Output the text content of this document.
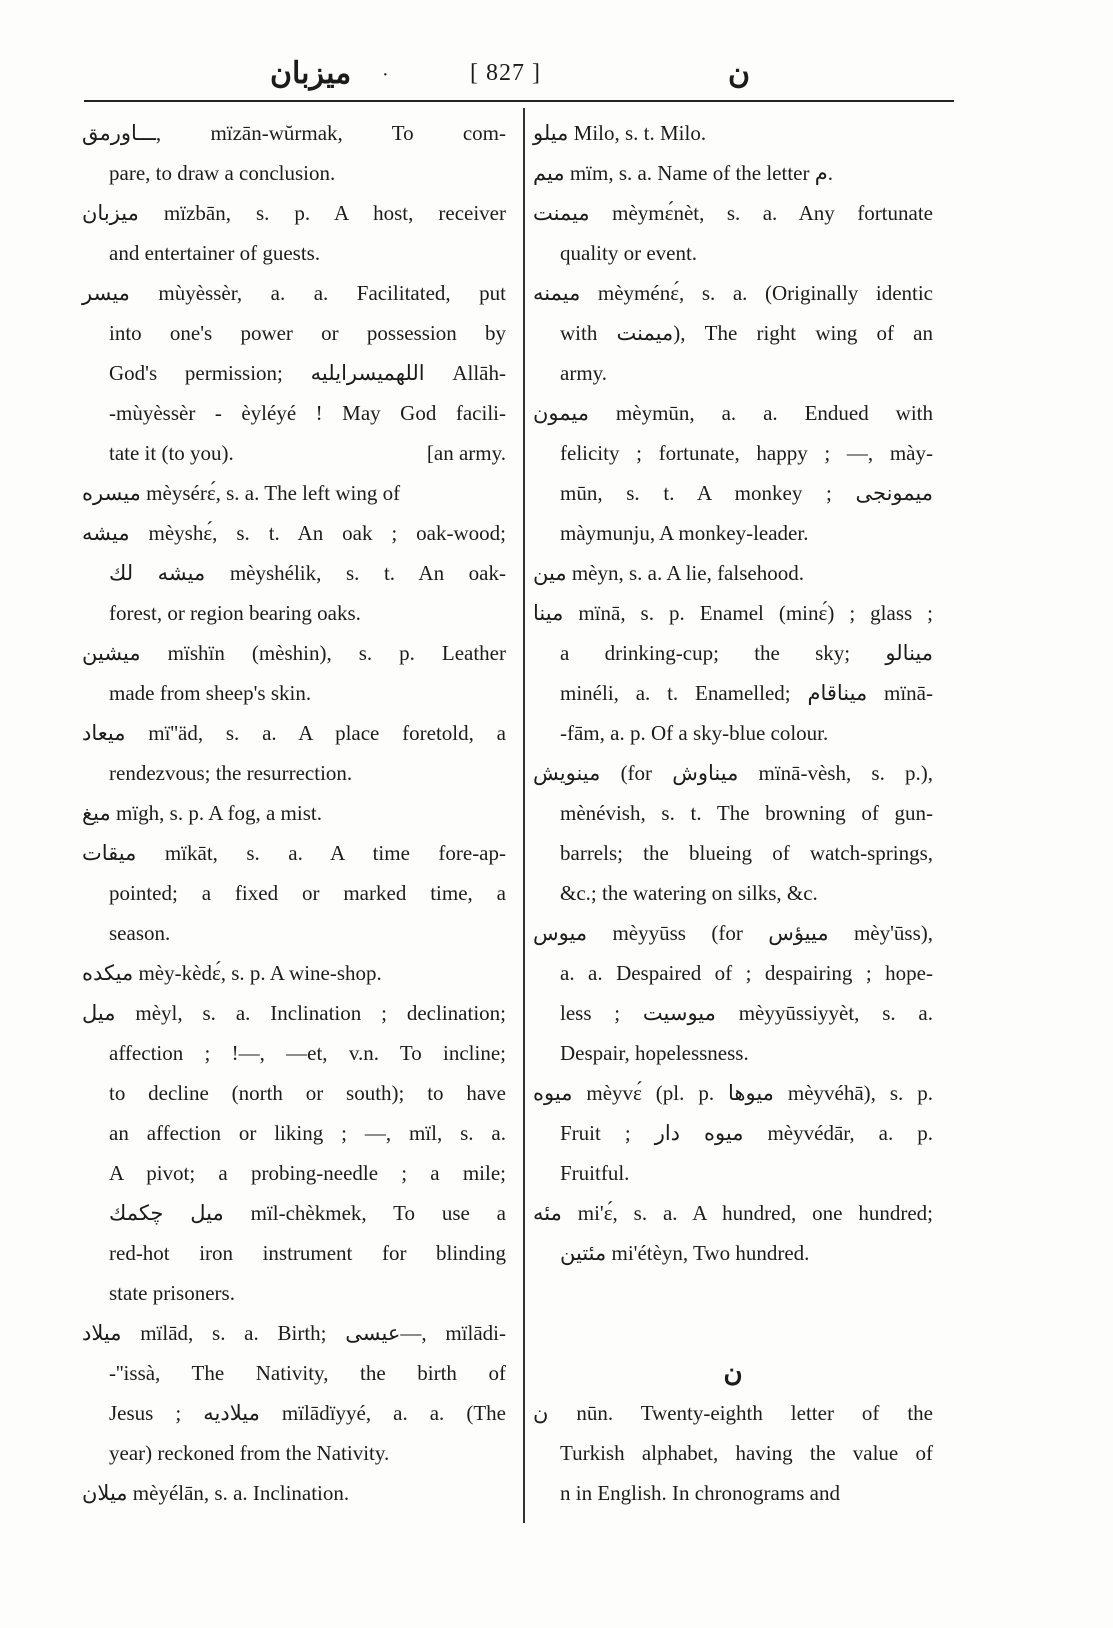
میزبان ·	[ 827 ]	ن
ـــاورمق, mïzān-wŭrmak, To com-
pare, to draw a conclusion.
میزبان mïzbān, s. p. A host, receiver
and entertainer of guests.
میسر mùyèssèr, a. a. Facilitated, put
into one's power or possession by
God's permission; اللهمیسرایلیه Allāh-
-mùyèssèr - èyléyé ! May God facili-
tate it (to you).	[an army.
میسره mèysérɛ́, s. a. The left wing of
میشه mèyshɛ́, s. t. An oak ; oak-wood;
میشه لك mèyshélik, s. t. An oak-
forest, or region bearing oaks.
میشین mïshïn (mèshin), s. p. Leather
made from sheep's skin.
میعاد mï''äd, s. a. A place foretold, a
rendezvous; the resurrection.
میغ mïgh, s. p. A fog, a mist.
میقات mïkāt, s. a. A time fore-ap-
pointed; a fixed or marked time, a
season.
میکده mèy-kèdɛ́, s. p. A wine-shop.
میل mèyl, s. a. Inclination ; declination;
affection ; !—, —et, v.n. To incline;
to decline (north or south); to have
an affection or liking ; —, mïl, s. a.
A pivot; a probing-needle ; a mile;
میل چکمك mïl-chèkmek, To use a
red-hot iron instrument for blinding
state prisoners.
میلاد mïlād, s. a. Birth; عیسی—, mïlādi-
-''issà, The Nativity, the birth of
Jesus ; میلادیه mïlādïyyé, a. a. (The
year) reckoned from the Nativity.
میلان mèyélān, s. a. Inclination.
میلو Milo, s. t. Milo.
میم mïm, s. a. Name of the letter م.
میمنت mèymɛ́nèt, s. a. Any fortunate
quality or event.
میمنه mèyménɛ́, s. a. (Originally identic
with میمنت), The right wing of an
army.
میمون mèymūn, a. a. Endued with
felicity ; fortunate, happy ; —, mày-
mūn, s. t. A monkey ; میمونجی
màymunju, A monkey-leader.
مین mèyn, s. a. A lie, falsehood.
مینا mïnā, s. p. Enamel (minɛ́) ; glass ;
a drinking-cup; the sky; مینالو
minéli, a. t. Enamelled; میناقام mïnā-
-fām, a. p. Of a sky-blue colour.
مینویش (for میناوش mïnā-vèsh, s. p.),
mènévish, s. t. The browning of gun-
barrels; the blueing of watch-springs,
&c.; the watering on silks, &c.
میوس mèyyūss (for مییؤس mèy'ūss),
a. a. Despaired of ; despairing ; hope-
less ; میوسیت mèyyūssiyyèt, s. a.
Despair, hopelessness.
میوه mèyvɛ́ (pl. p. میوها mèyvéhā), s. p.
Fruit ; میوه دار mèyvédār, a. p.
Fruitful.
مئه mi'ɛ́, s. a. A hundred, one hundred;
مئتین mi'étèyn, Two hundred.
ن
ن nūn. Twenty-eighth letter of the
Turkish alphabet, having the value of
n in English. In chronograms and
